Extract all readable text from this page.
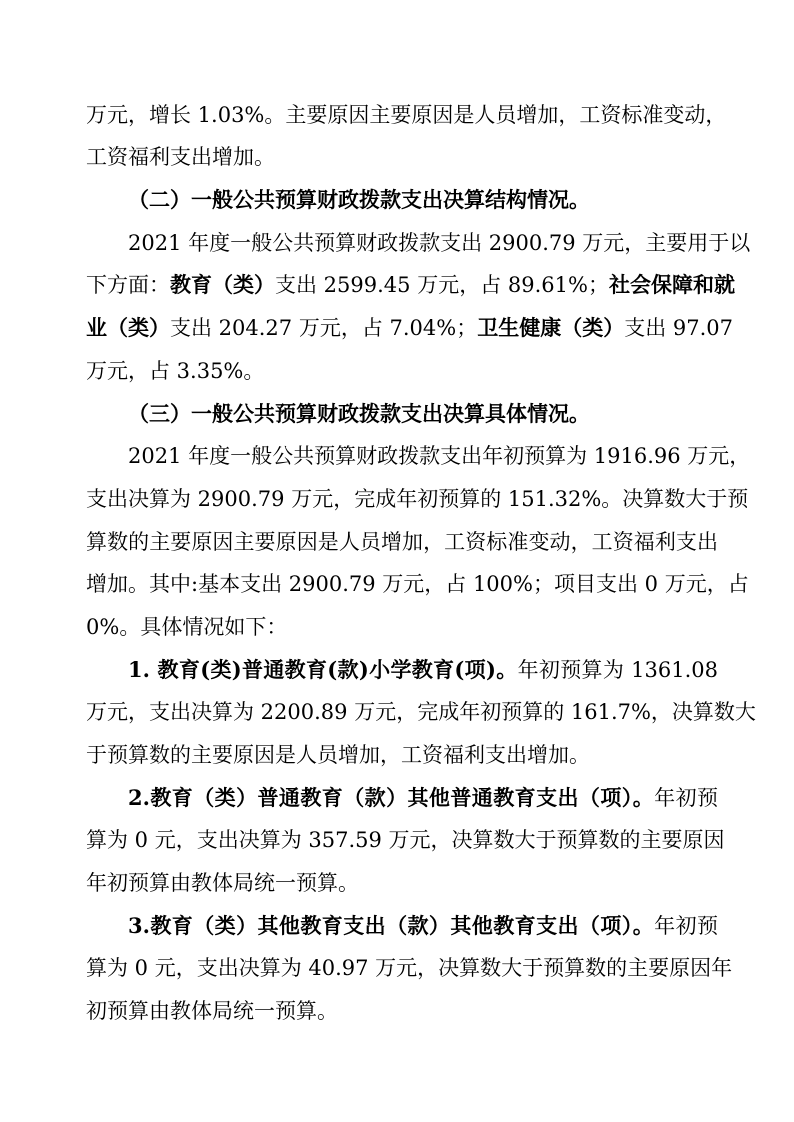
万元，增长 1.03%。主要原因主要原因是人员增加，工资标准变动，
工资福利支出增加。
（二）一般公共预算财政拨款支出决算结构情况。
2021 年度一般公共预算财政拨款支出 2900.79 万元，主要用于以
下方面：教育（类）支出 2599.45 万元，占 89.61%；社会保障和就
业（类）支出 204.27 万元，占 7.04%；卫生健康（类）支出 97.07
万元，占 3.35%。
（三）一般公共预算财政拨款支出决算具体情况。
2021 年度一般公共预算财政拨款支出年初预算为 1916.96 万元，
支出决算为 2900.79 万元，完成年初预算的 151.32%。决算数大于预
算数的主要原因主要原因是人员增加，工资标准变动，工资福利支出
增加。其中:基本支出 2900.79 万元，占 100%；项目支出 0 万元，占
0%。具体情况如下：
1. 教育(类)普通教育(款)小学教育(项)。年初预算为 1361.08
万元，支出决算为 2200.89 万元，完成年初预算的 161.7%，决算数大
于预算数的主要原因是人员增加，工资福利支出增加。
2.教育（类）普通教育（款）其他普通教育支出（项）。年初预
算为 0 元，支出决算为 357.59 万元，决算数大于预算数的主要原因
年初预算由教体局统一预算。
3.教育（类）其他教育支出（款）其他教育支出（项）。年初预
算为 0 元，支出决算为 40.97 万元，决算数大于预算数的主要原因年
初预算由教体局统一预算。
